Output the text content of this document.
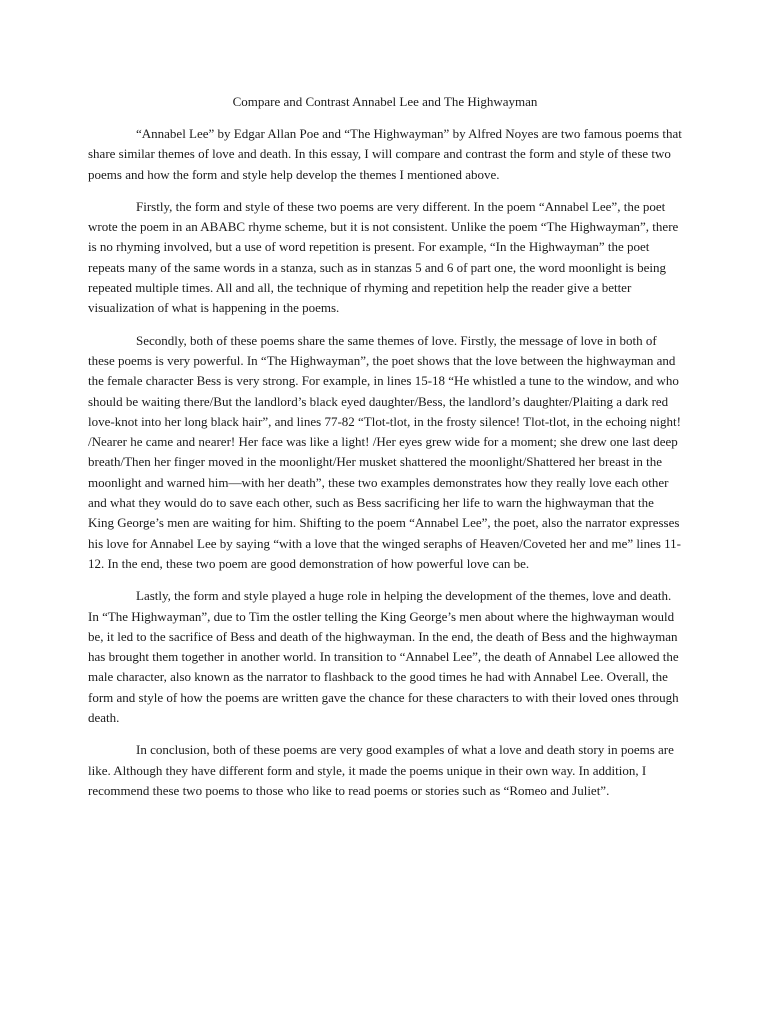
Compare and Contrast Annabel Lee and The Highwayman

“Annabel Lee” by Edgar Allan Poe and “The Highwayman” by Alfred Noyes are two famous poems that share similar themes of love and death. In this essay, I will compare and contrast the form and style of these two poems and how the form and style help develop the themes I mentioned above.

Firstly, the form and style of these two poems are very different. In the poem “Annabel Lee”, the poet wrote the poem in an ABABC rhyme scheme, but it is not consistent. Unlike the poem “The Highwayman”, there is no rhyming involved, but a use of word repetition is present. For example, “In the Highwayman” the poet repeats many of the same words in a stanza, such as in stanzas 5 and 6 of part one, the word moonlight is being repeated multiple times. All and all, the technique of rhyming and repetition help the reader give a better visualization of what is happening in the poems.

Secondly, both of these poems share the same themes of love. Firstly, the message of love in both of these poems is very powerful. In “The Highwayman”, the poet shows that the love between the highwayman and the female character Bess is very strong. For example, in lines 15-18 “He whistled a tune to the window, and who should be waiting there/But the landlord’s black eyed daughter/Bess, the landlord’s daughter/Plaiting a dark red love-knot into her long black hair”, and lines 77-82 “Tlot-tlot, in the frosty silence! Tlot-tlot, in the echoing night! /Nearer he came and nearer! Her face was like a light! /Her eyes grew wide for a moment; she drew one last deep breath/Then her finger moved in the moonlight/Her musket shattered the moonlight/Shattered her breast in the moonlight and warned him—with her death”, these two examples demonstrates how they really love each other and what they would do to save each other, such as Bess sacrificing her life to warn the highwayman that the King George’s men are waiting for him. Shifting to the poem “Annabel Lee”, the poet, also the narrator expresses his love for Annabel Lee by saying “with a love that the winged seraphs of Heaven/Coveted her and me” lines 11-12. In the end, these two poem are good demonstration of how powerful love can be.

Lastly, the form and style played a huge role in helping the development of the themes, love and death. In “The Highwayman”, due to Tim the ostler telling the King George’s men about where the highwayman would be, it led to the sacrifice of Bess and death of the highwayman. In the end, the death of Bess and the highwayman has brought them together in another world. In transition to “Annabel Lee”, the death of Annabel Lee allowed the male character, also known as the narrator to flashback to the good times he had with Annabel Lee. Overall, the form and style of how the poems are written gave the chance for these characters to with their loved ones through death.

In conclusion, both of these poems are very good examples of what a love and death story in poems are like. Although they have different form and style, it made the poems unique in their own way. In addition, I recommend these two poems to those who like to read poems or stories such as “Romeo and Juliet”.
